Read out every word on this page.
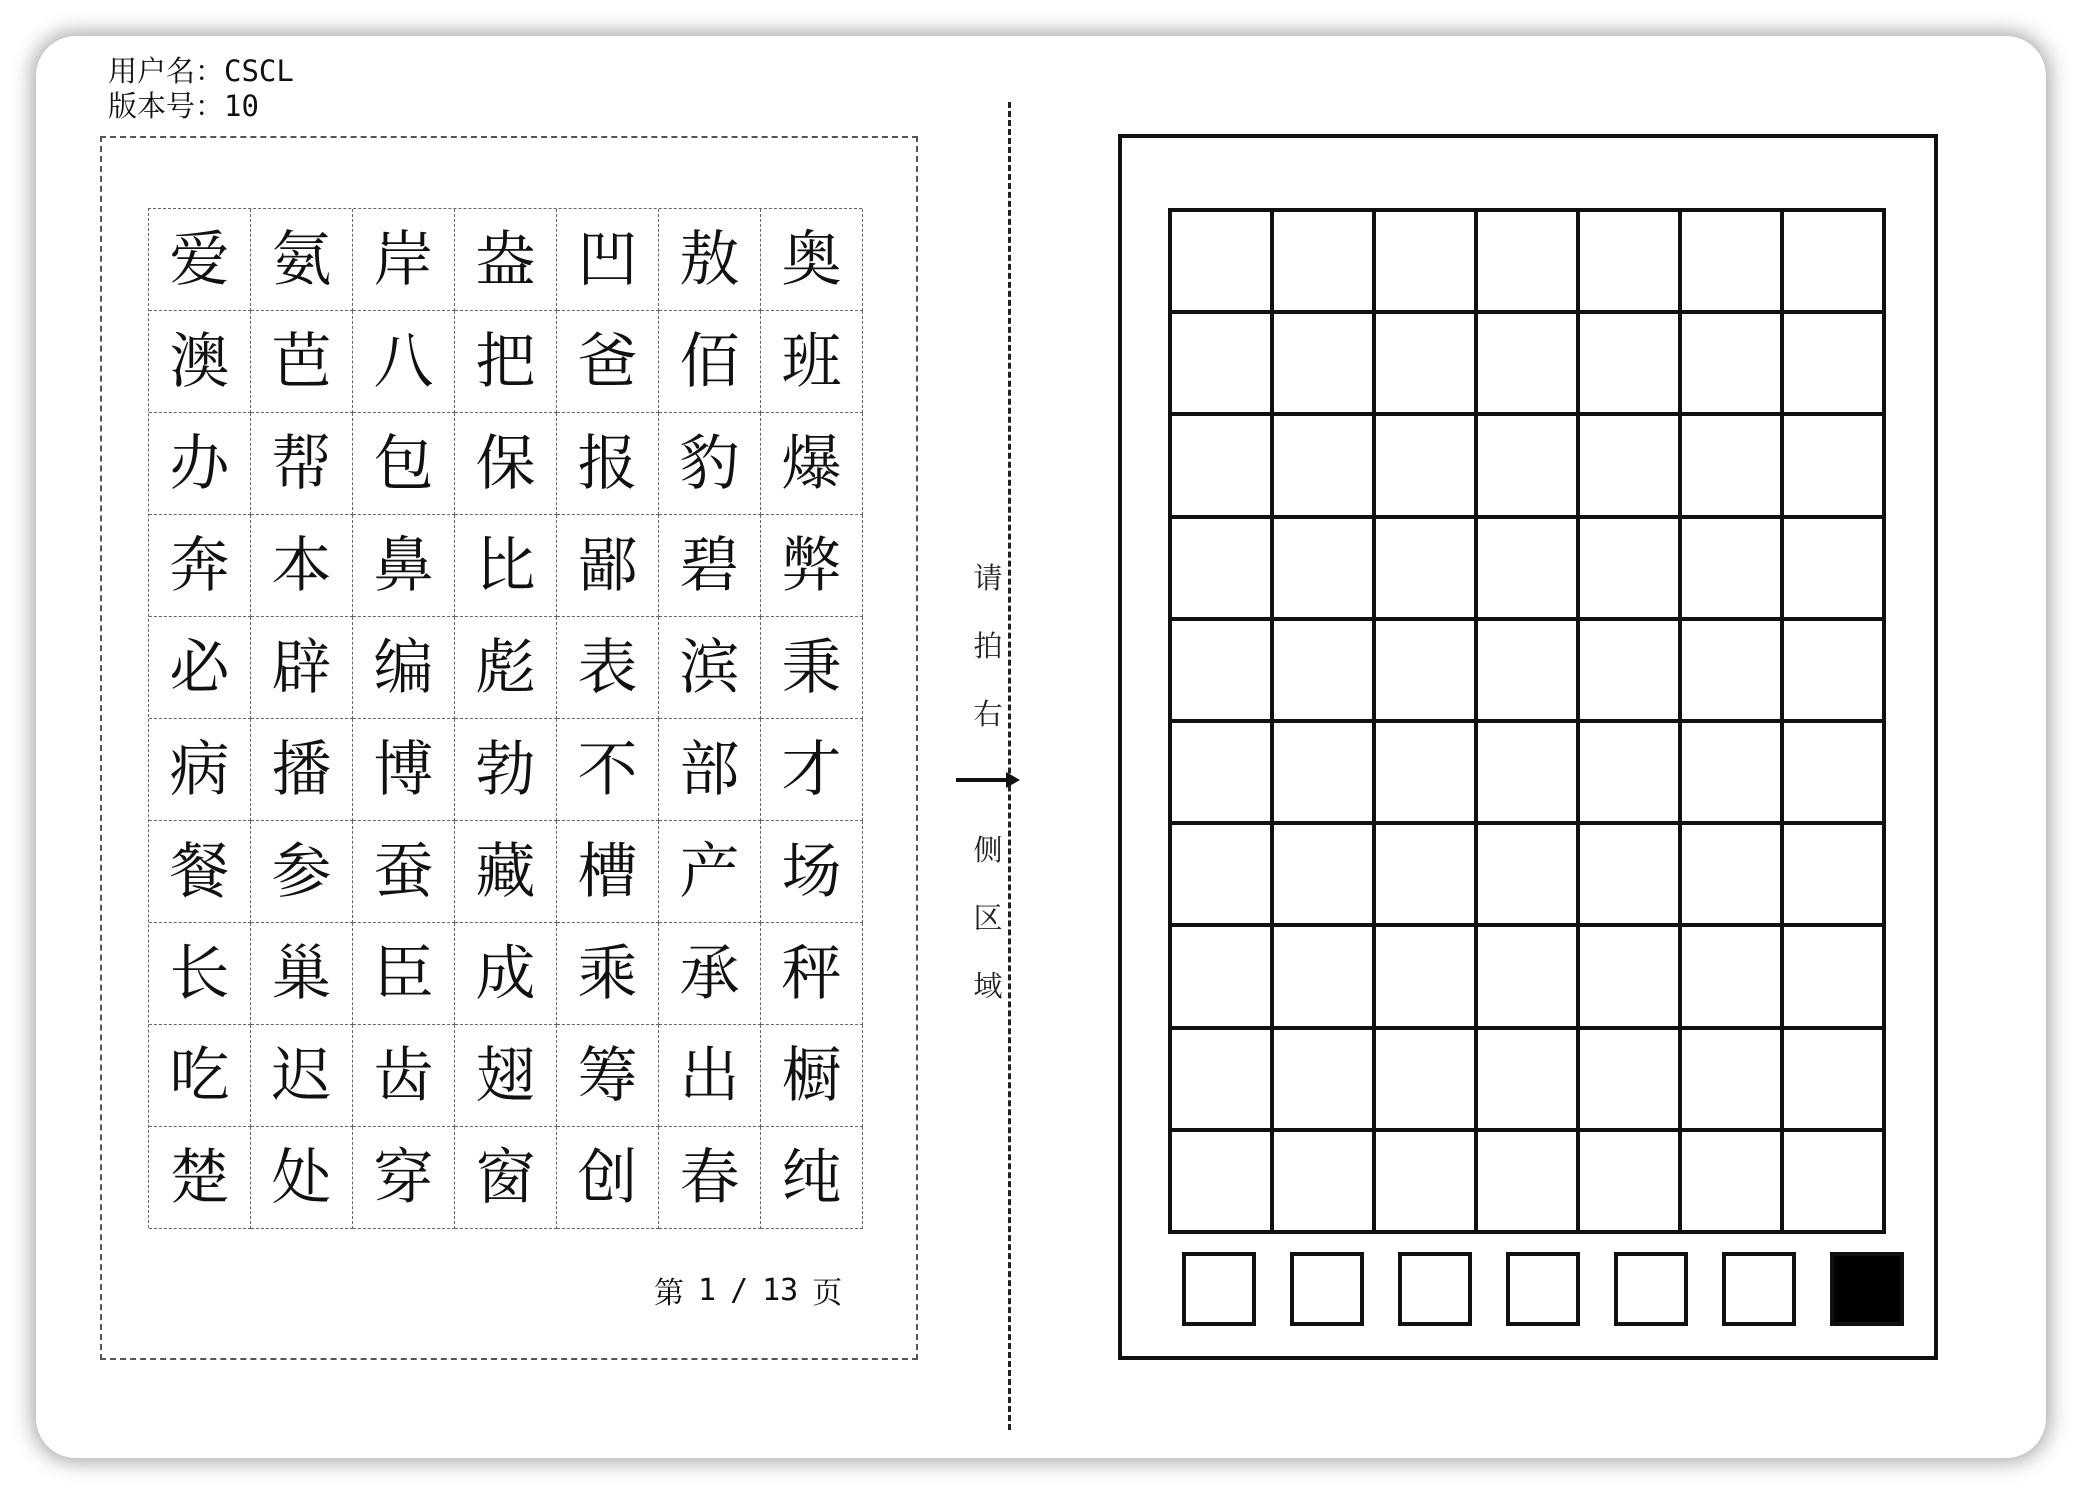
用户名： CSCL
版本号： 10
爱 氨 岸 盎 凹 敖 奥
澳 芭 八 把 爸 佰 班
办 帮 包 保 报 豹 爆
奔 本 鼻 比 鄙 碧 弊
必 辟 编 彪 表 滨 秉
病 播 博 勃 不 部 才
餐 参 蚕 藏 槽 产 场
长 巢 臣 成 乘 承 秤
吃 迟 齿 翅 筹 出 橱
楚 处 穿 窗 创 春 纯
第 1 / 13 页
请
拍
右
侧
区
域
